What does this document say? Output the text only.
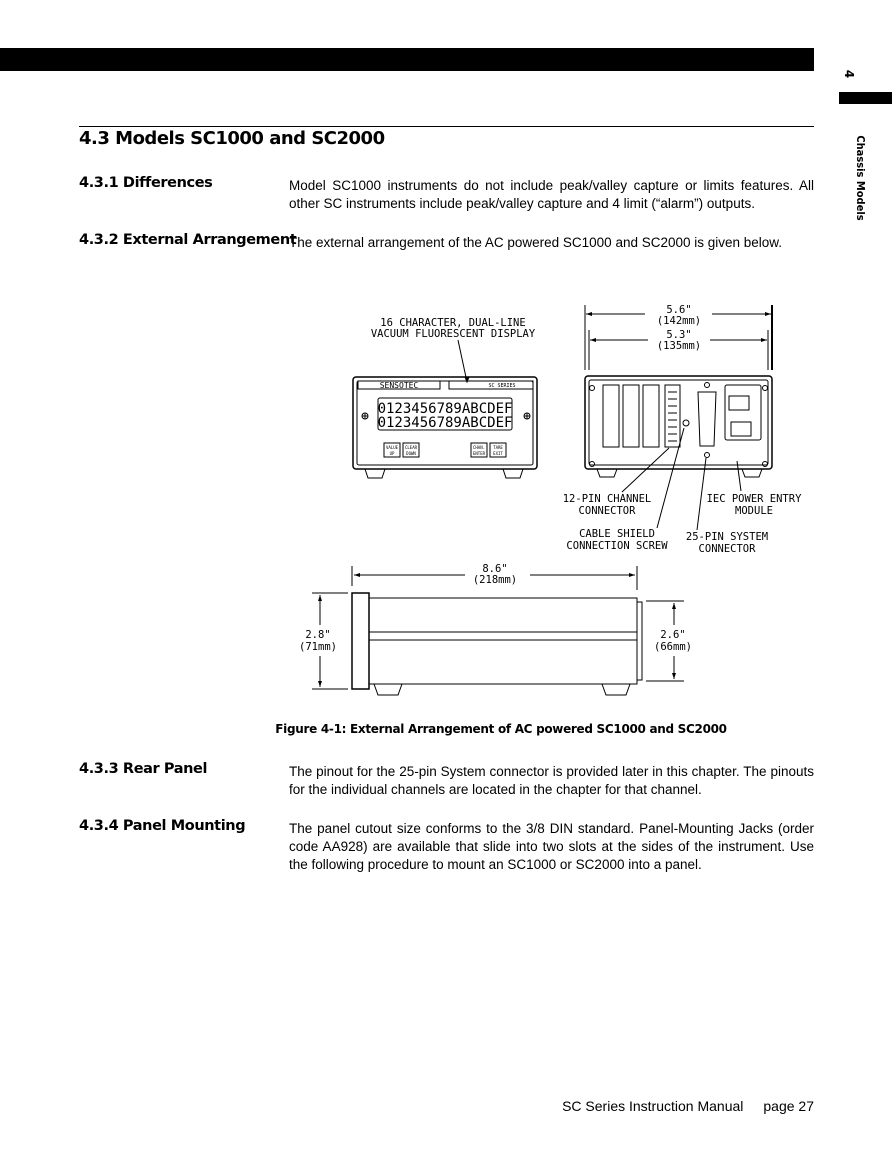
4
Chassis Models
4.3 Models SC1000 and SC2000
4.3.1 Differences	Model SC1000 instruments do not include peak/valley capture or limits features. All other SC instruments include peak/valley capture and 4 limit (“alarm”) outputs.
4.3.2 External Arrangement
The external arrangement of the AC powered SC1000 and SC2000 is given below.
16 CHARACTER, DUAL-LINE
VACUUM FLUORESCENT DISPLAY
SENSOTEC	SC SERIES
0123456789ABCDEF
0123456789ABCDEF
VALUE
UP
CLEAR
DOWN
CHAN.
ENTER
TARE
EXIT
5.6"
(142mm)
5.3"
(135mm)
12-PIN CHANNEL
CONNECTOR
IEC POWER ENTRY
MODULE
CABLE SHIELD
CONNECTION SCREW
25-PIN SYSTEM
CONNECTOR
8.6"
(218mm)
2.8"
(71mm)
2.6"
(66mm)
Figure 4-1: External Arrangement of AC powered SC1000 and SC2000
4.3.3 Rear Panel	The pinout for the 25-pin System connector is provided later in this chapter. The pinouts for the individual channels are located in the chapter for that channel.
4.3.4 Panel Mounting	The panel cutout size conforms to the 3/8 DIN standard. Panel-Mounting Jacks (order code AA928) are available that slide into two slots at the sides of the instrument. Use the following procedure to mount an SC1000 or SC2000 into a panel.
SC Series Instruction Manual page 27
